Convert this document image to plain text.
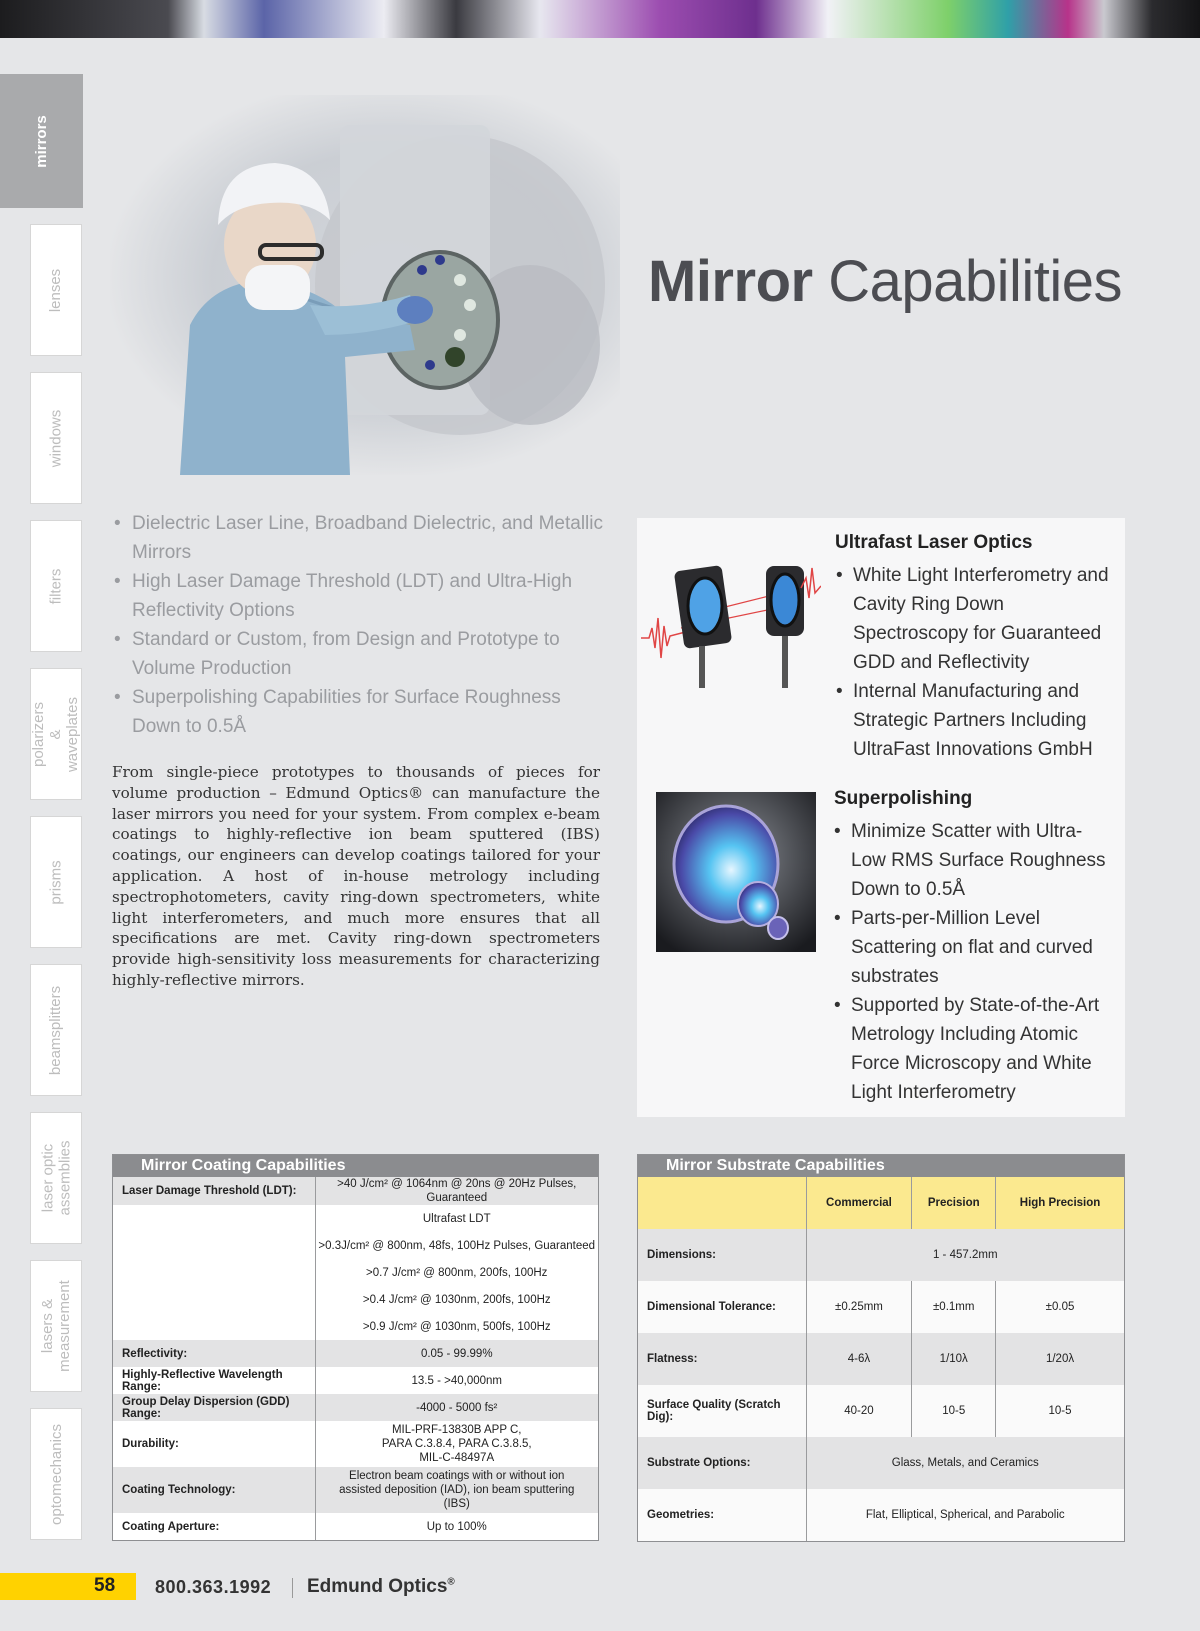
mirrors
lenses
windows
filters
polarizers & waveplates
prisms
beamsplitters
laser optic assemblies
lasers & measurement
optomechanics
Mirror Capabilities
• Dielectric Laser Line, Broadband Dielectric, and Metallic Mirrors
• High Laser Damage Threshold (LDT) and Ultra-High Reflectivity Options
• Standard or Custom, from Design and Prototype to Volume Production
• Superpolishing Capabilities for Surface Roughness Down to 0.5Å

From single-piece prototypes to thousands of pieces for volume production – Edmund Optics® can manufacture the laser mirrors you need for your system. From complex e-beam coatings to highly-reflective ion beam sputtered (IBS) coatings, our engineers can develop coatings tailored for your application. A host of in-house metrology including spectrophotometers, cavity ring-down spectrometers, white light interferometers, and much more ensures that all specifications are met. Cavity ring-down spectrometers provide high-sensitivity loss measurements for characterizing highly-reflective mirrors.

Ultrafast Laser Optics
• White Light Interferometry and Cavity Ring Down Spectroscopy for Guaranteed GDD and Reflectivity
• Internal Manufacturing and Strategic Partners Including UltraFast Innovations GmbH
Superpolishing
• Minimize Scatter with Ultra-Low RMS Surface Roughness Down to 0.5Å
• Parts-per-Million Level Scattering on flat and curved substrates
• Supported by State-of-the-Art Metrology Including Atomic Force Microscopy and White Light Interferometry
Mirror Coating Capabilities
Laser Damage Threshold (LDT):	>40 J/cm² @ 1064nm @ 20ns @ 20Hz Pulses, Guaranteed
	Ultrafast LDT
	>0.3J/cm² @ 800nm, 48fs, 100Hz Pulses, Guaranteed
	>0.7 J/cm² @ 800nm, 200fs, 100Hz
	>0.4 J/cm² @ 1030nm, 200fs, 100Hz
	>0.9 J/cm² @ 1030nm, 500fs, 100Hz
Reflectivity:	0.05 - 99.99%
Highly-Reflective Wavelength Range:	13.5 - >40,000nm
Group Delay Dispersion (GDD) Range:	-4000 - 5000 fs²
Durability:	MIL-PRF-13830B APP C, PARA C.3.8.4, PARA C.3.8.5, MIL-C-48497A
Coating Technology:	Electron beam coatings with or without ion assisted deposition (IAD), ion beam sputtering (IBS)
Coating Aperture:	Up to 100%
Mirror Substrate Capabilities
	Commercial	Precision	High Precision
Dimensions:	1 - 457.2mm		
Dimensional Tolerance:	±0.25mm	±0.1mm	±0.05
Flatness:	4-6λ	1/10λ	1/20λ
Surface Quality (Scratch Dig):	40-20	10-5	10-5
Substrate Options:	Glass, Metals, and Ceramics		
Geometries:	Flat, Elliptical, Spherical, and Parabolic		
58 800.363.1992 Edmund Optics®
